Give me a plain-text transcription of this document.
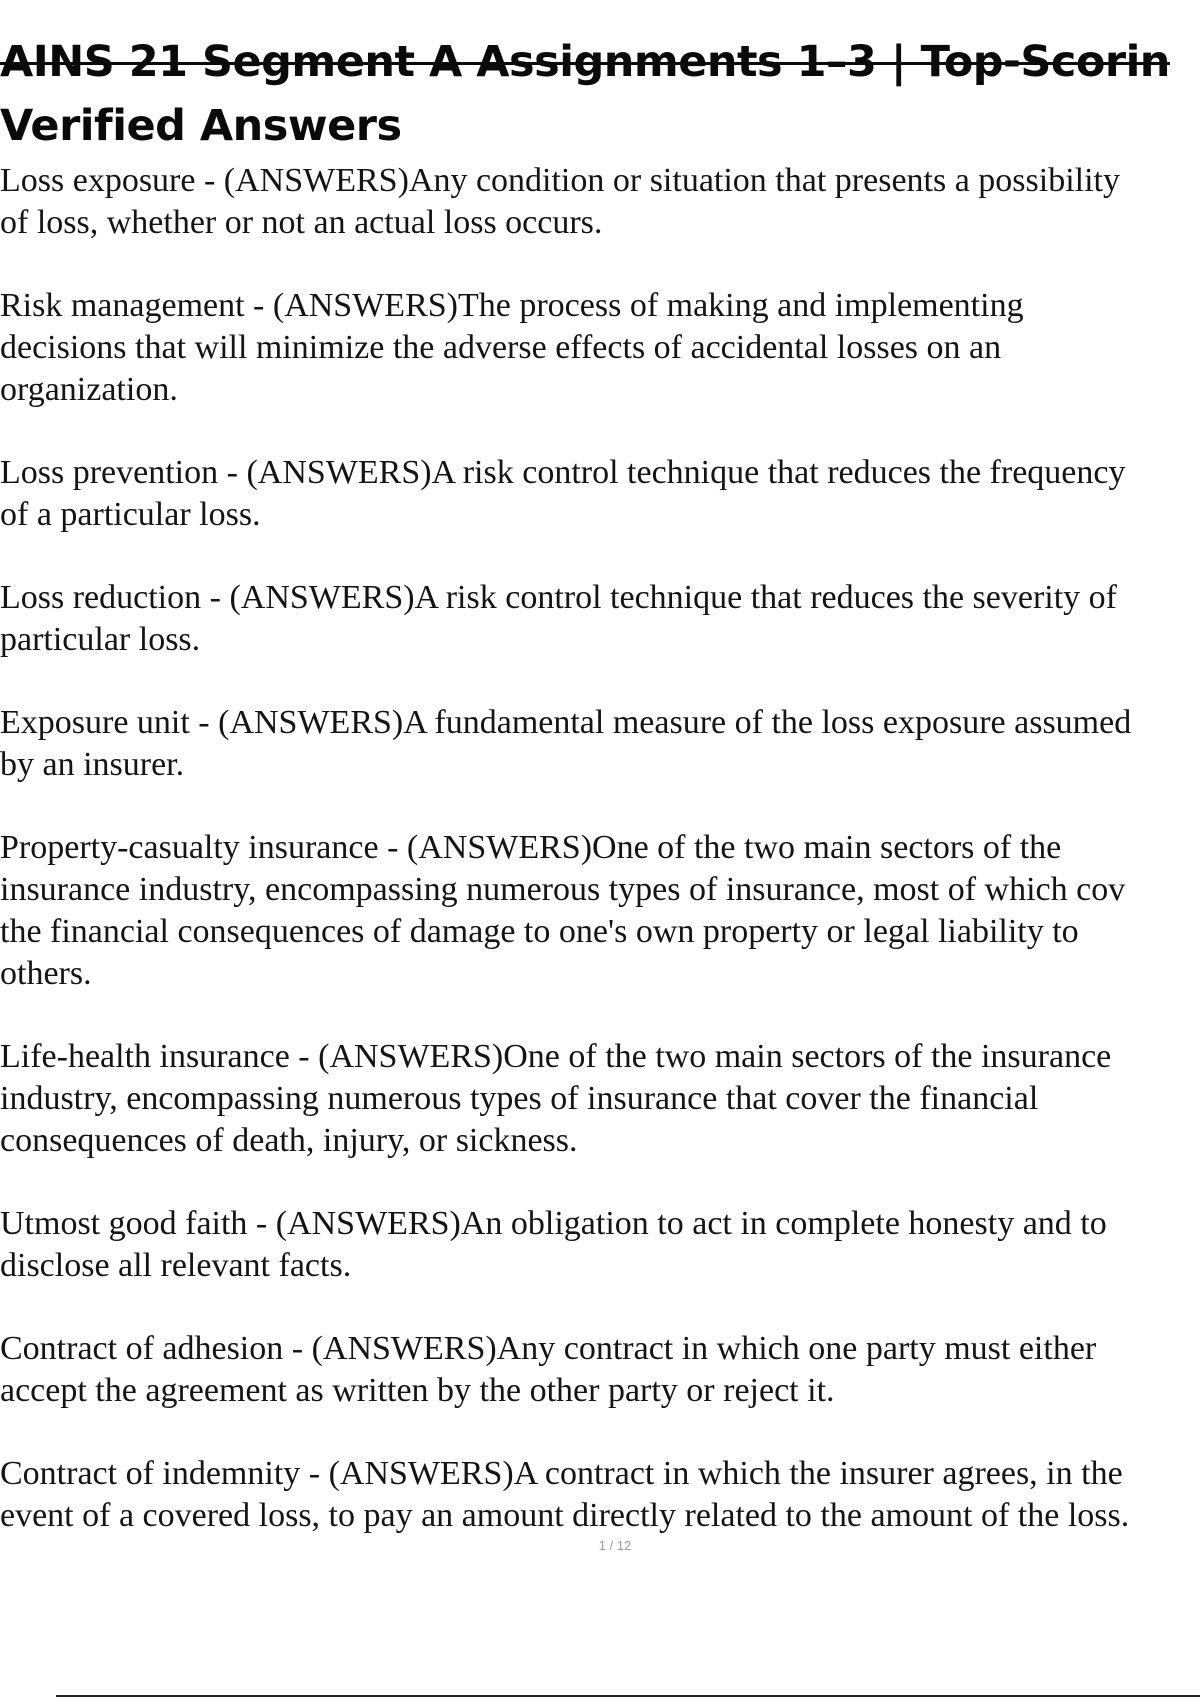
AINS 21 Segment A Assignments 1–3 | Top-Scorin
Verified Answers

Loss exposure - (ANSWERS)Any condition or situation that presents a possibility
of loss, whether or not an actual loss occurs.

Risk management - (ANSWERS)The process of making and implementing
decisions that will minimize the adverse effects of accidental losses on an
organization.

Loss prevention - (ANSWERS)A risk control technique that reduces the frequency
of a particular loss.

Loss reduction - (ANSWERS)A risk control technique that reduces the severity of
particular loss.

Exposure unit - (ANSWERS)A fundamental measure of the loss exposure assumed
by an insurer.

Property-casualty insurance - (ANSWERS)One of the two main sectors of the
insurance industry, encompassing numerous types of insurance, most of which cov
the financial consequences of damage to one's own property or legal liability to
others.

Life-health insurance - (ANSWERS)One of the two main sectors of the insurance
industry, encompassing numerous types of insurance that cover the financial
consequences of death, injury, or sickness.

Utmost good faith - (ANSWERS)An obligation to act in complete honesty and to
disclose all relevant facts.

Contract of adhesion - (ANSWERS)Any contract in which one party must either
accept the agreement as written by the other party or reject it.

Contract of indemnity - (ANSWERS)A contract in which the insurer agrees, in the
event of a covered loss, to pay an amount directly related to the amount of the loss.

1 / 12
